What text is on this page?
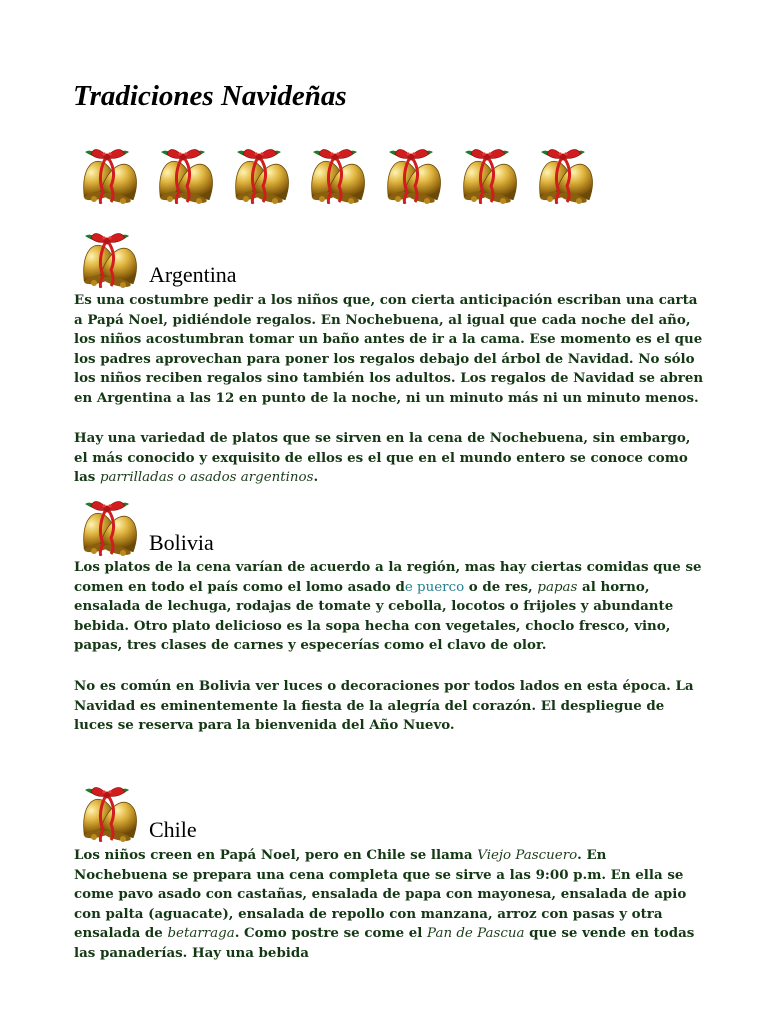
Tradiciones Navideñas
Argentina

Es una costumbre pedir a los niños que, con cierta anticipación escriban una carta a Papá Noel, pidiéndole regalos. En Nochebuena, al igual que cada noche del año, los niños acostumbran tomar un baño antes de ir a la cama. Ese momento es el que los padres aprovechan para poner los regalos debajo del árbol de Navidad. No sólo los niños reciben regalos sino también los adultos. Los regalos de Navidad se abren en Argentina a las 12 en punto de la noche, ni un minuto más ni un minuto menos.

Hay una variedad de platos que se sirven en la cena de Nochebuena, sin embargo, el más conocido y exquisito de ellos es el que en el mundo entero se conoce como las parrilladas o asados argentinos.

Bolivia

Los platos de la cena varían de acuerdo a la región, mas hay ciertas comidas que se comen en todo el país como el lomo asado de puerco o de res, papas al horno, ensalada de lechuga, rodajas de tomate y cebolla, locotos o frijoles y abundante bebida. Otro plato delicioso es la sopa hecha con vegetales, choclo fresco, vino, papas, tres clases de carnes y especerías como el clavo de olor.

No es común en Bolivia ver luces o decoraciones por todos lados en esta época. La Navidad es eminentemente la fiesta de la alegría del corazón. El despliegue de luces se reserva para la bienvenida del Año Nuevo.

Chile

Los niños creen en Papá Noel, pero en Chile se llama Viejo Pascuero. En Nochebuena se prepara una cena completa que se sirve a las 9:00 p.m. En ella se come pavo asado con castañas, ensalada de papa con mayonesa, ensalada de apio con palta (aguacate), ensalada de repollo con manzana, arroz con pasas y otra ensalada de betarraga. Como postre se come el Pan de Pascua que se vende en todas las panaderías. Hay una bebida
